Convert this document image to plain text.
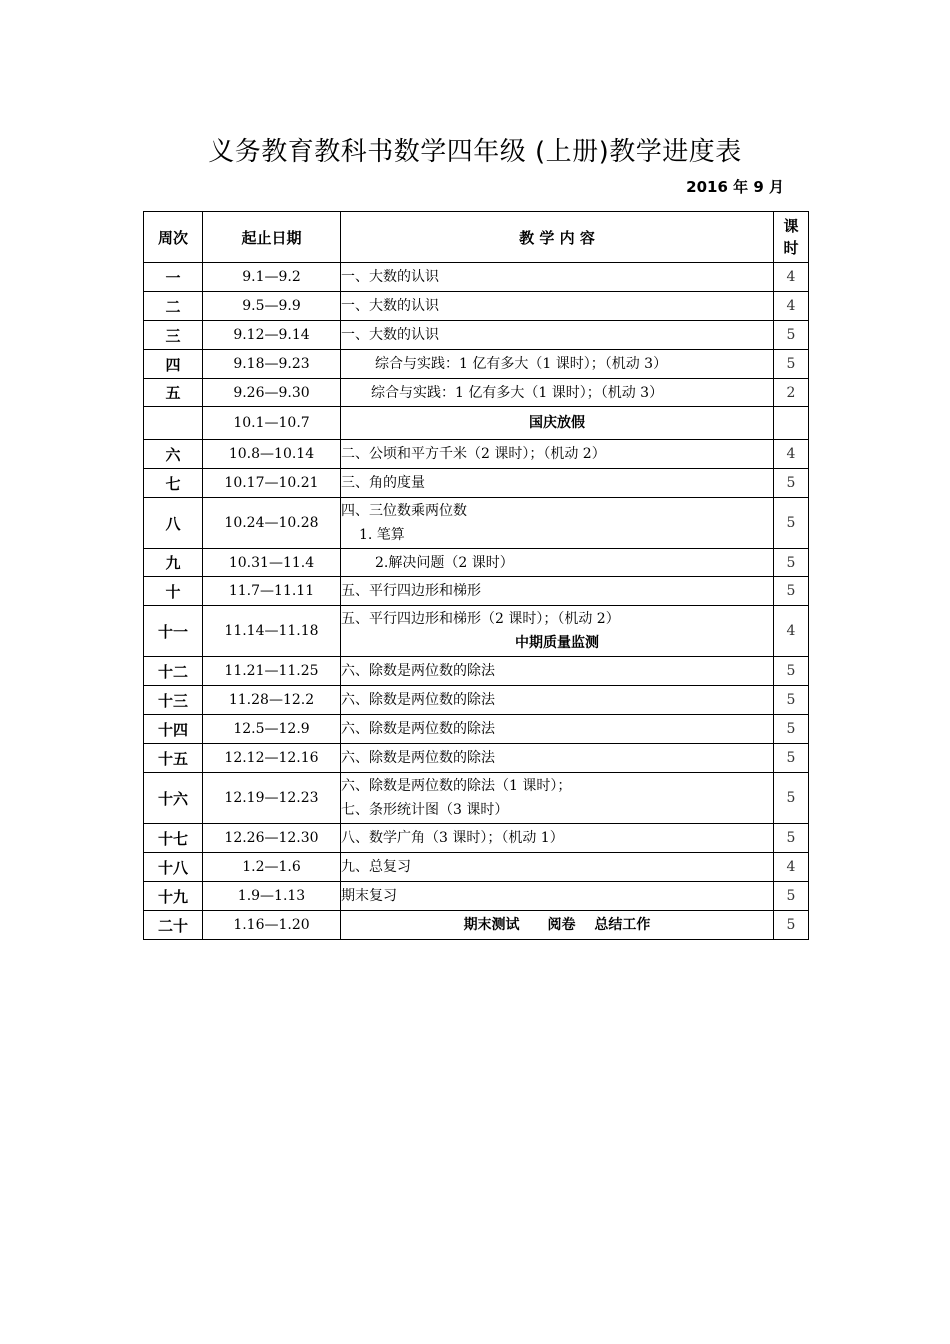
义务教育教科书数学四年级 (上册)教学进度表
2016 年 9 月
周次	起止日期	教 学 内 容	课
时

一	9.1—9.2	一、大数的认识	4
二	9.5—9.9	一、大数的认识	4
三	9.12—9.14	一、大数的认识	5
四	9.18—9.23	综合与实践：1 亿有多大（1 课时）；（机动 3）	5
五	9.26—9.30	综合与实践：1 亿有多大（1 课时）；（机动 3）	2
	10.1—10.7	国庆放假	

六	10.8—10.14	二、公顷和平方千米（2 课时）；（机动 2）	4
七	10.17—10.21	三、角的度量	5
八	10.24—10.28	四、三位数乘两位数
1. 笔算	5
九	10.31—11.4	2.解决问题（2 课时）	5
十	11.7—11.11	五、平行四边形和梯形	5
十一	11.14—11.18	五、平行四边形和梯形（2 课时）；（机动 2）
中期质量监测	4
十二	11.21—11.25	六、除数是两位数的除法	5
十三	11.28—12.2	六、除数是两位数的除法	5
十四	12.5—12.9	六、除数是两位数的除法	5
十五	12.12—12.16	六、除数是两位数的除法	5
十六	12.19—12.23	六、除数是两位数的除法（1 课时）；
七、条形统计图（3 课时）	5
十七	12.26—12.30	八、数学广角（3 课时）；（机动 1）	5
十八	1.2—1.6	九、总复习	4
十九	1.9—1.13	期末复习	5
二十	1.16—1.20	期末测试　　阅卷　 总结工作	5
